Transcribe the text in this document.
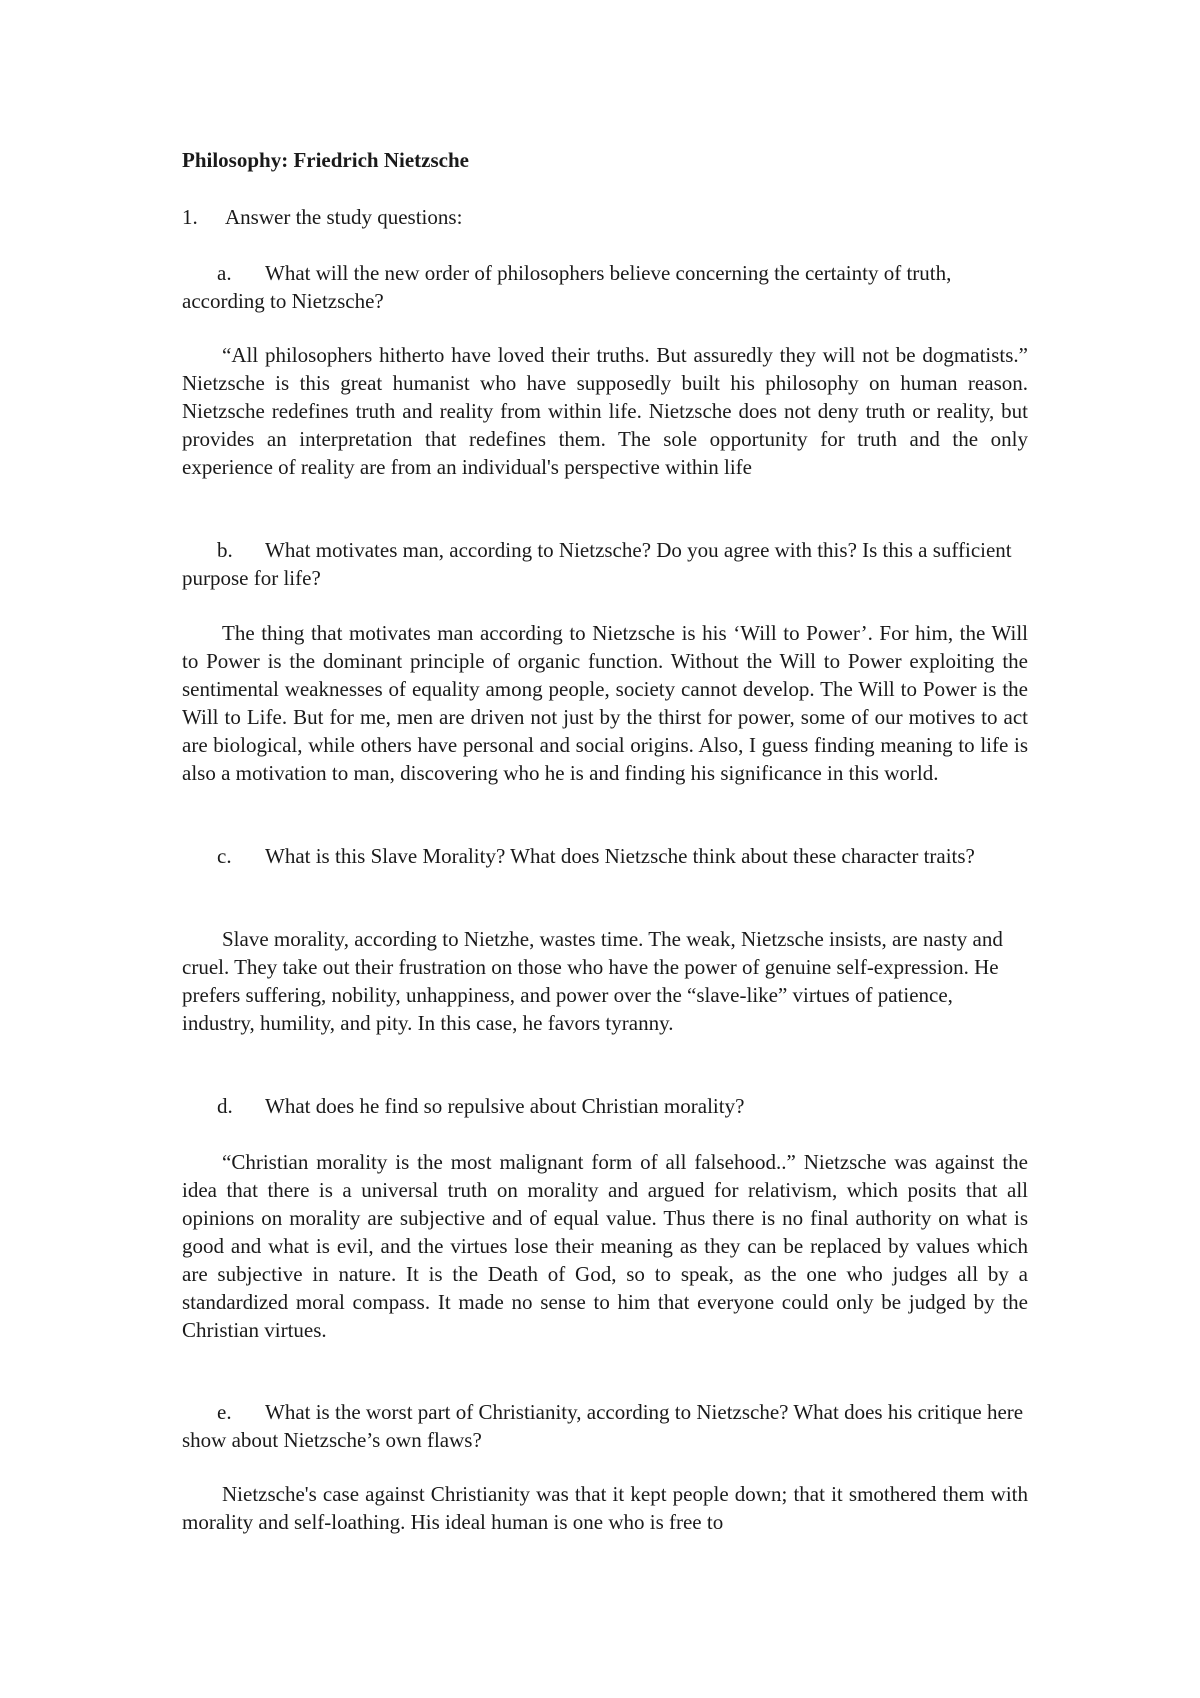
Philosophy: Friedrich Nietzsche
1. Answer the study questions:
a. What will the new order of philosophers believe concerning the certainty of truth, according to Nietzsche?
“All philosophers hitherto have loved their truths. But assuredly they will not be dogmatists.” Nietzsche is this great humanist who have supposedly built his philosophy on human reason. Nietzsche redefines truth and reality from within life. Nietzsche does not deny truth or reality, but provides an interpretation that redefines them. The sole opportunity for truth and the only experience of reality are from an individual's perspective within life
b. What motivates man, according to Nietzsche? Do you agree with this? Is this a sufficient purpose for life?
The thing that motivates man according to Nietzsche is his ‘Will to Power’. For him, the Will to Power is the dominant principle of organic function. Without the Will to Power exploiting the sentimental weaknesses of equality among people, society cannot develop. The Will to Power is the Will to Life. But for me, men are driven not just by the thirst for power, some of our motives to act are biological, while others have personal and social origins. Also, I guess finding meaning to life is also a motivation to man, discovering who he is and finding his significance in this world.
c. What is this Slave Morality? What does Nietzsche think about these character traits?
Slave morality, according to Nietzhe, wastes time. The weak, Nietzsche insists, are nasty and cruel. They take out their frustration on those who have the power of genuine self-expression. He prefers suffering, nobility, unhappiness, and power over the “slave-like” virtues of patience, industry, humility, and pity. In this case, he favors tyranny.
d. What does he find so repulsive about Christian morality?
“Christian morality is the most malignant form of all falsehood..” Nietzsche was against the idea that there is a universal truth on morality and argued for relativism, which posits that all opinions on morality are subjective and of equal value. Thus there is no final authority on what is good and what is evil, and the virtues lose their meaning as they can be replaced by values which are subjective in nature. It is the Death of God, so to speak, as the one who judges all by a standardized moral compass. It made no sense to him that everyone could only be judged by the Christian virtues.
e. What is the worst part of Christianity, according to Nietzsche? What does his critique here show about Nietzsche’s own flaws?
Nietzsche's case against Christianity was that it kept people down; that it smothered them with morality and self-loathing. His ideal human is one who is free to
